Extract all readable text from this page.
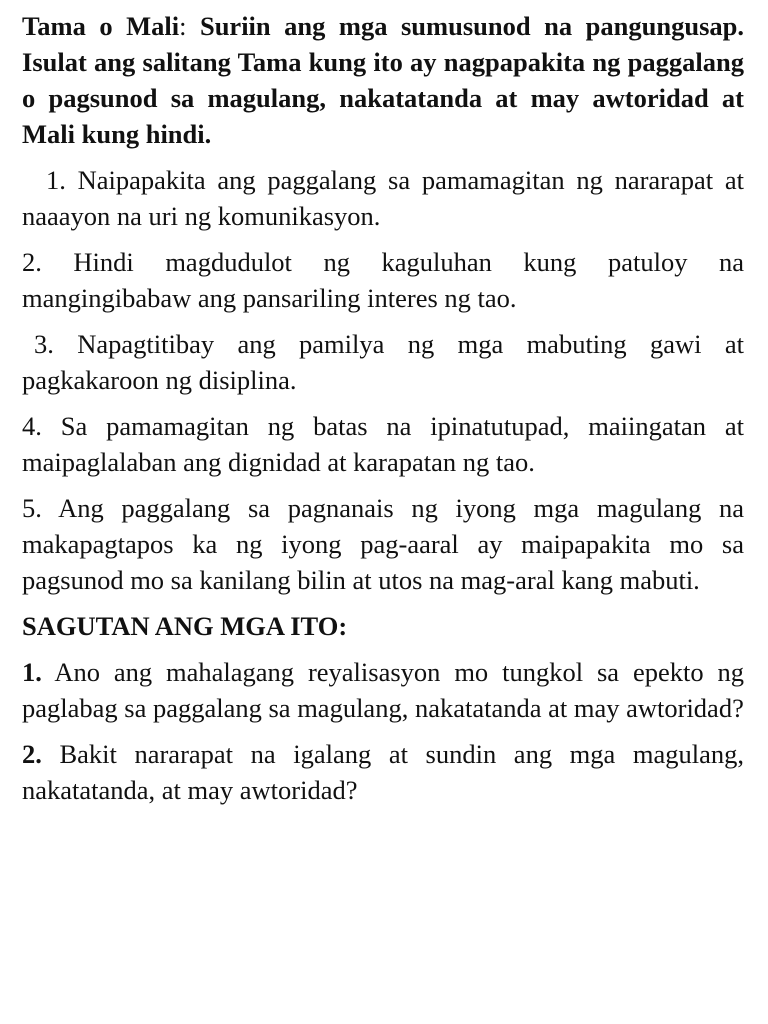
Tama o Mali: Suriin ang mga sumusunod na pangungusap. Isulat ang salitang Tama kung ito ay nagpapakita ng paggalang o pagsunod sa magulang, nakatatanda at may awtoridad at Mali kung hindi.

1. Naipapakita ang paggalang sa pamamagitan ng nararapat at naaayon na uri ng komunikasyon.

2. Hindi magdudulot ng kaguluhan kung patuloy na mangingibabaw ang pansariling interes ng tao.

3. Napagtitibay ang pamilya ng mga mabuting gawi at pagkakaroon ng disiplina.

4. Sa pamamagitan ng batas na ipinatutupad, maiingatan at maipaglalaban ang dignidad at karapatan ng tao.

5. Ang paggalang sa pagnanais ng iyong mga magulang na makapagtapos ka ng iyong pag-aaral ay maipapakita mo sa pagsunod mo sa kanilang bilin at utos na mag-aral kang mabuti.

SAGUTAN ANG MGA ITO:

1. Ano ang mahalagang reyalisasyon mo tungkol sa epekto ng paglabag sa paggalang sa magulang, nakatatanda at may awtoridad?

2. Bakit nararapat na igalang at sundin ang mga magulang, nakatatanda, at may awtoridad?
